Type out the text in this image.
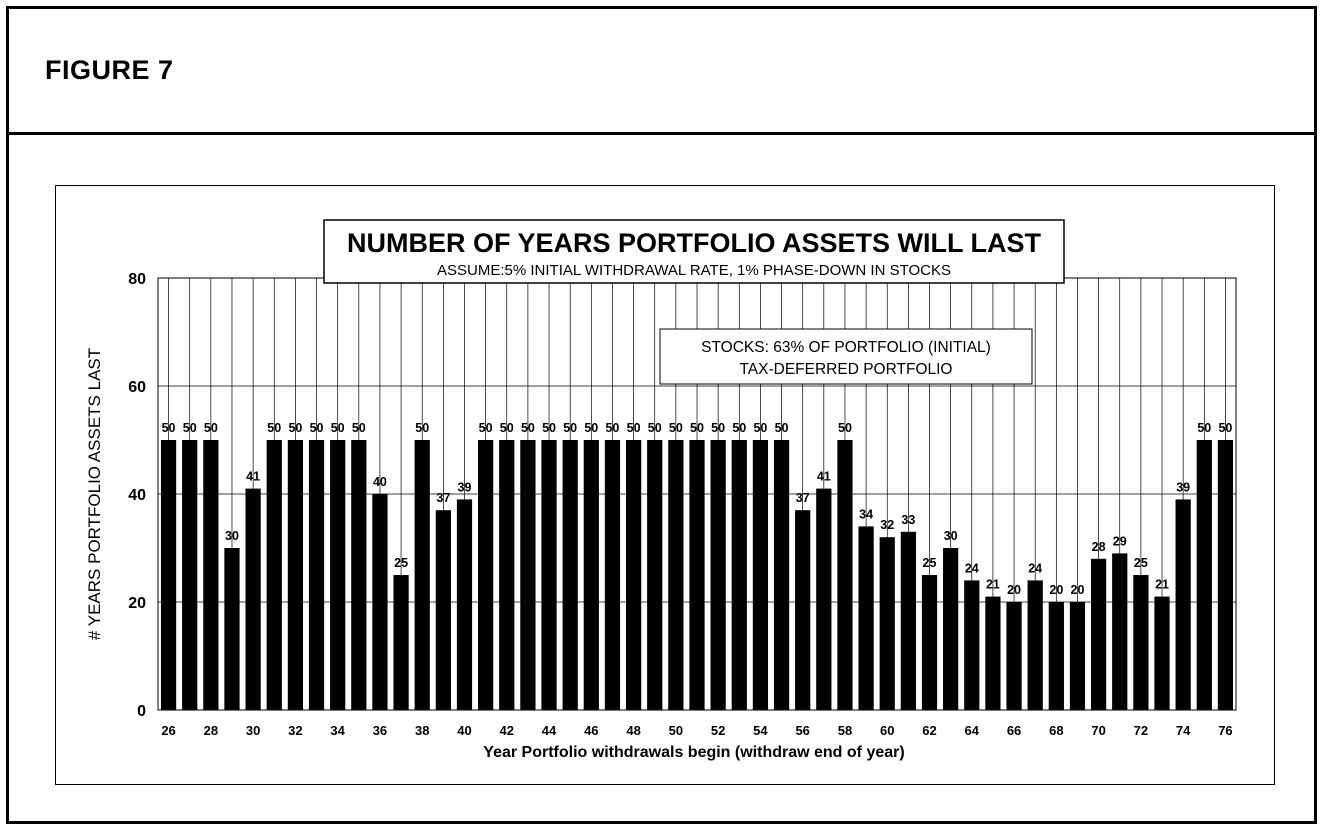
FIGURE 7
50 50 50
30
41
50 50 50 50 50
40
25
50
37
39
50 50 50 50 50 50 50 50 50 50 50 50 50 50 50
37
41
50
34
32 33
25
30
24
21 20
24
20 20
28 29
25
21
39
50 50
0
20
40
60
80
26 28 30 32 34 36 38 40 42 44 46 48 50 52 54 56 58 60 62 64 66 68 70 72 74 76
NUMBER OF YEARS PORTFOLIO ASSETS WILL LAST
ASSUME:5% INITIAL WITHDRAWAL RATE, 1% PHASE-DOWN IN STOCKS
STOCKS: 63% OF PORTFOLIO (INITIAL)
TAX-DEFERRED PORTFOLIO
# YEARS PORTFOLIO ASSETS LAST
Year Portfolio withdrawals begin (withdraw end of year)
